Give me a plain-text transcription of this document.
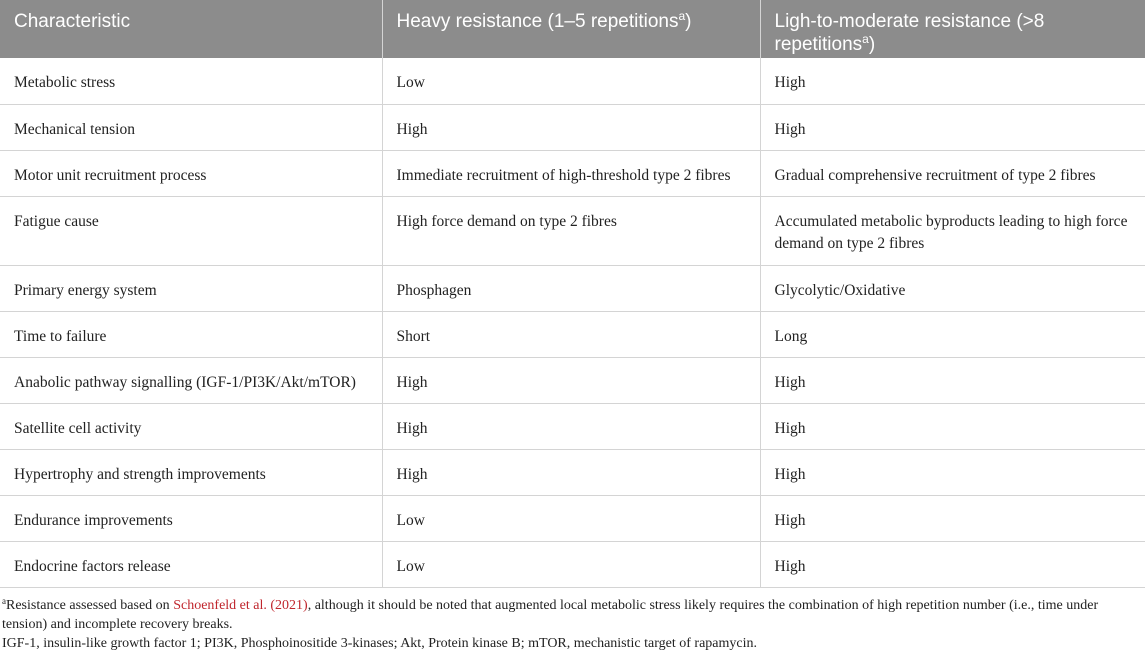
Characteristic	Heavy resistance (1–5 repetitions$^a$)	Ligh-to-moderate resistance (>8 repetitions$^a$)
Metabolic stress	Low	High
Mechanical tension	High	High
Motor unit recruitment process	Immediate recruitment of high-threshold type 2 fibres	Gradual comprehensive recruitment of type 2 fibres
Fatigue cause	High force demand on type 2 fibres	Accumulated metabolic byproducts leading to high force demand on type 2 fibres
Primary energy system	Phosphagen	Glycolytic/Oxidative
Time to failure	Short	Long
Anabolic pathway signalling (IGF-1/PI3K/Akt/mTOR)	High	High
Satellite cell activity	High	High
Hypertrophy and strength improvements	High	High
Endurance improvements	Low	High
Endocrine factors release	Low	High

$^a$Resistance assessed based on Schoenfeld et al. (2021), although it should be noted that augmented local metabolic stress likely requires the combination of high repetition number (i.e., time under tension) and incomplete recovery breaks.

IGF-1, insulin-like growth factor 1; PI3K, Phosphoinositide 3-kinases; Akt, Protein kinase B; mTOR, mechanistic target of rapamycin.
